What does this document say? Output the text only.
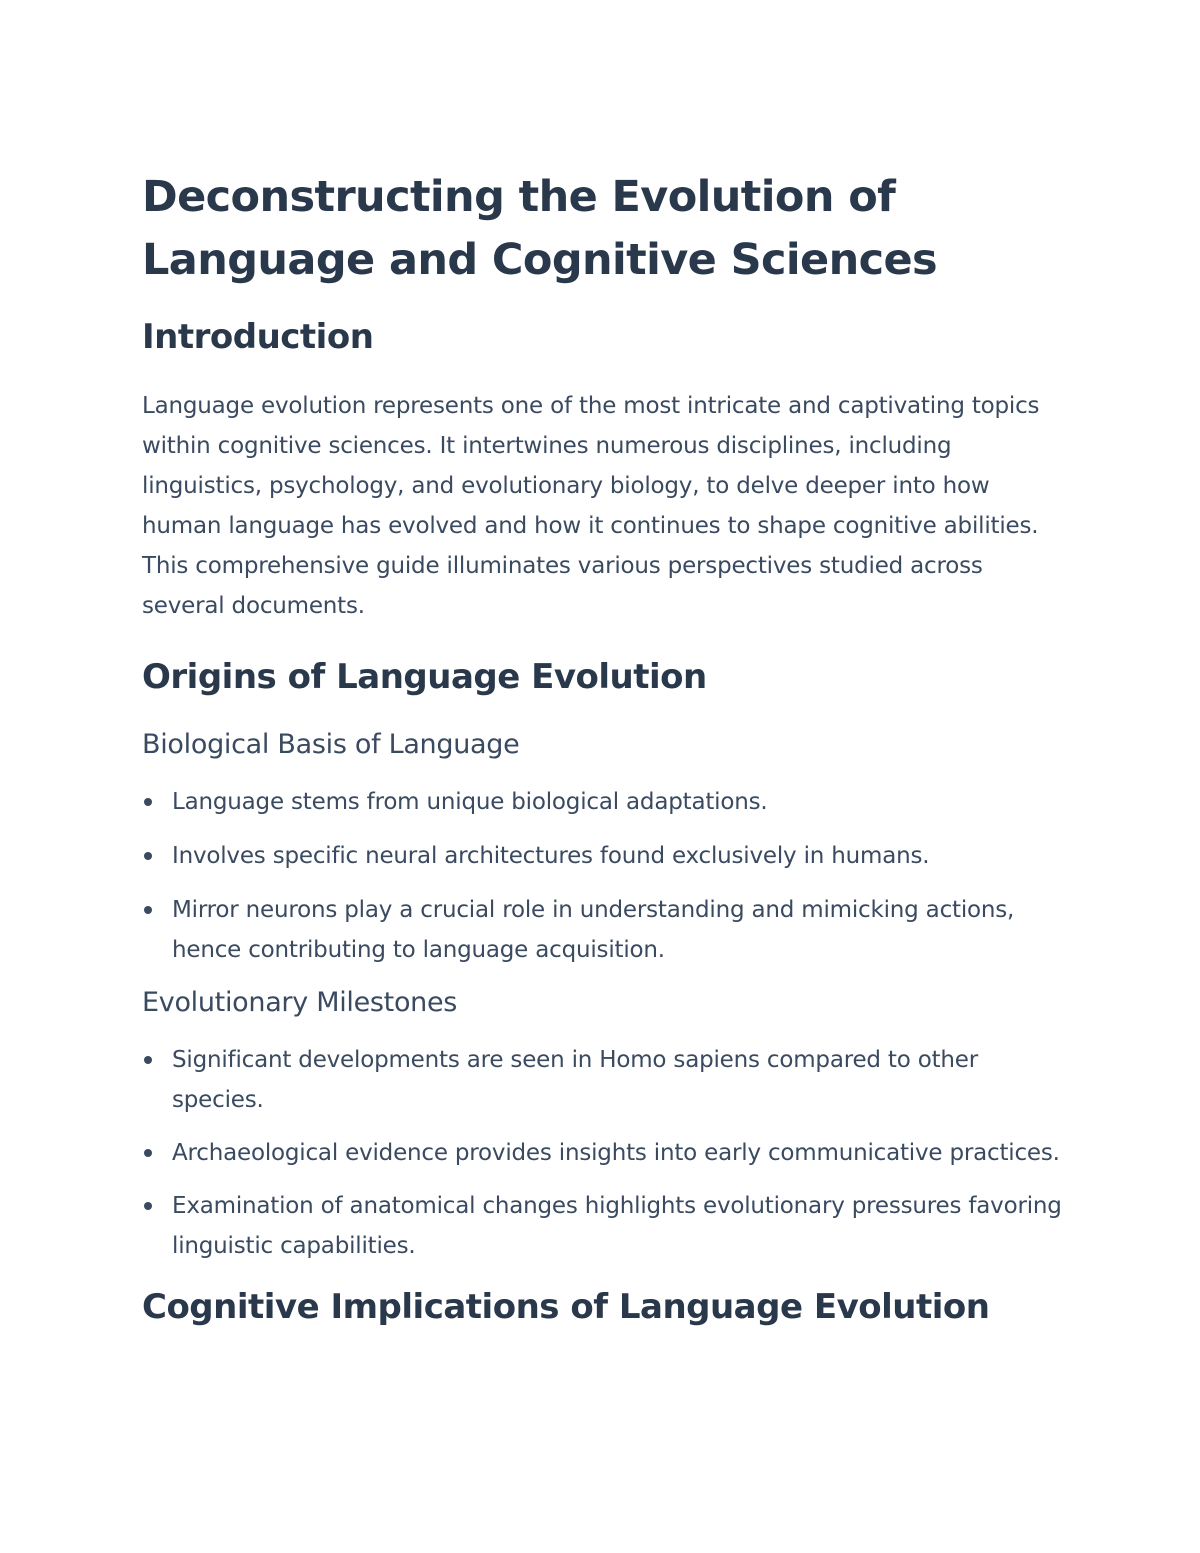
Deconstructing the Evolution of Language and Cognitive Sciences
Introduction

Language evolution represents one of the most intricate and captivating topics within cognitive sciences. It intertwines numerous disciplines, including linguistics, psychology, and evolutionary biology, to delve deeper into how human language has evolved and how it continues to shape cognitive abilities. This comprehensive guide illuminates various perspectives studied across several documents.

Origins of Language Evolution
Biological Basis of Language
Language stems from unique biological adaptations.
Involves specific neural architectures found exclusively in humans.
Mirror neurons play a crucial role in understanding and mimicking actions, hence contributing to language acquisition.
Evolutionary Milestones
Significant developments are seen in Homo sapiens compared to other species.
Archaeological evidence provides insights into early communicative practices.
Examination of anatomical changes highlights evolutionary pressures favoring linguistic capabilities.
Cognitive Implications of Language Evolution
